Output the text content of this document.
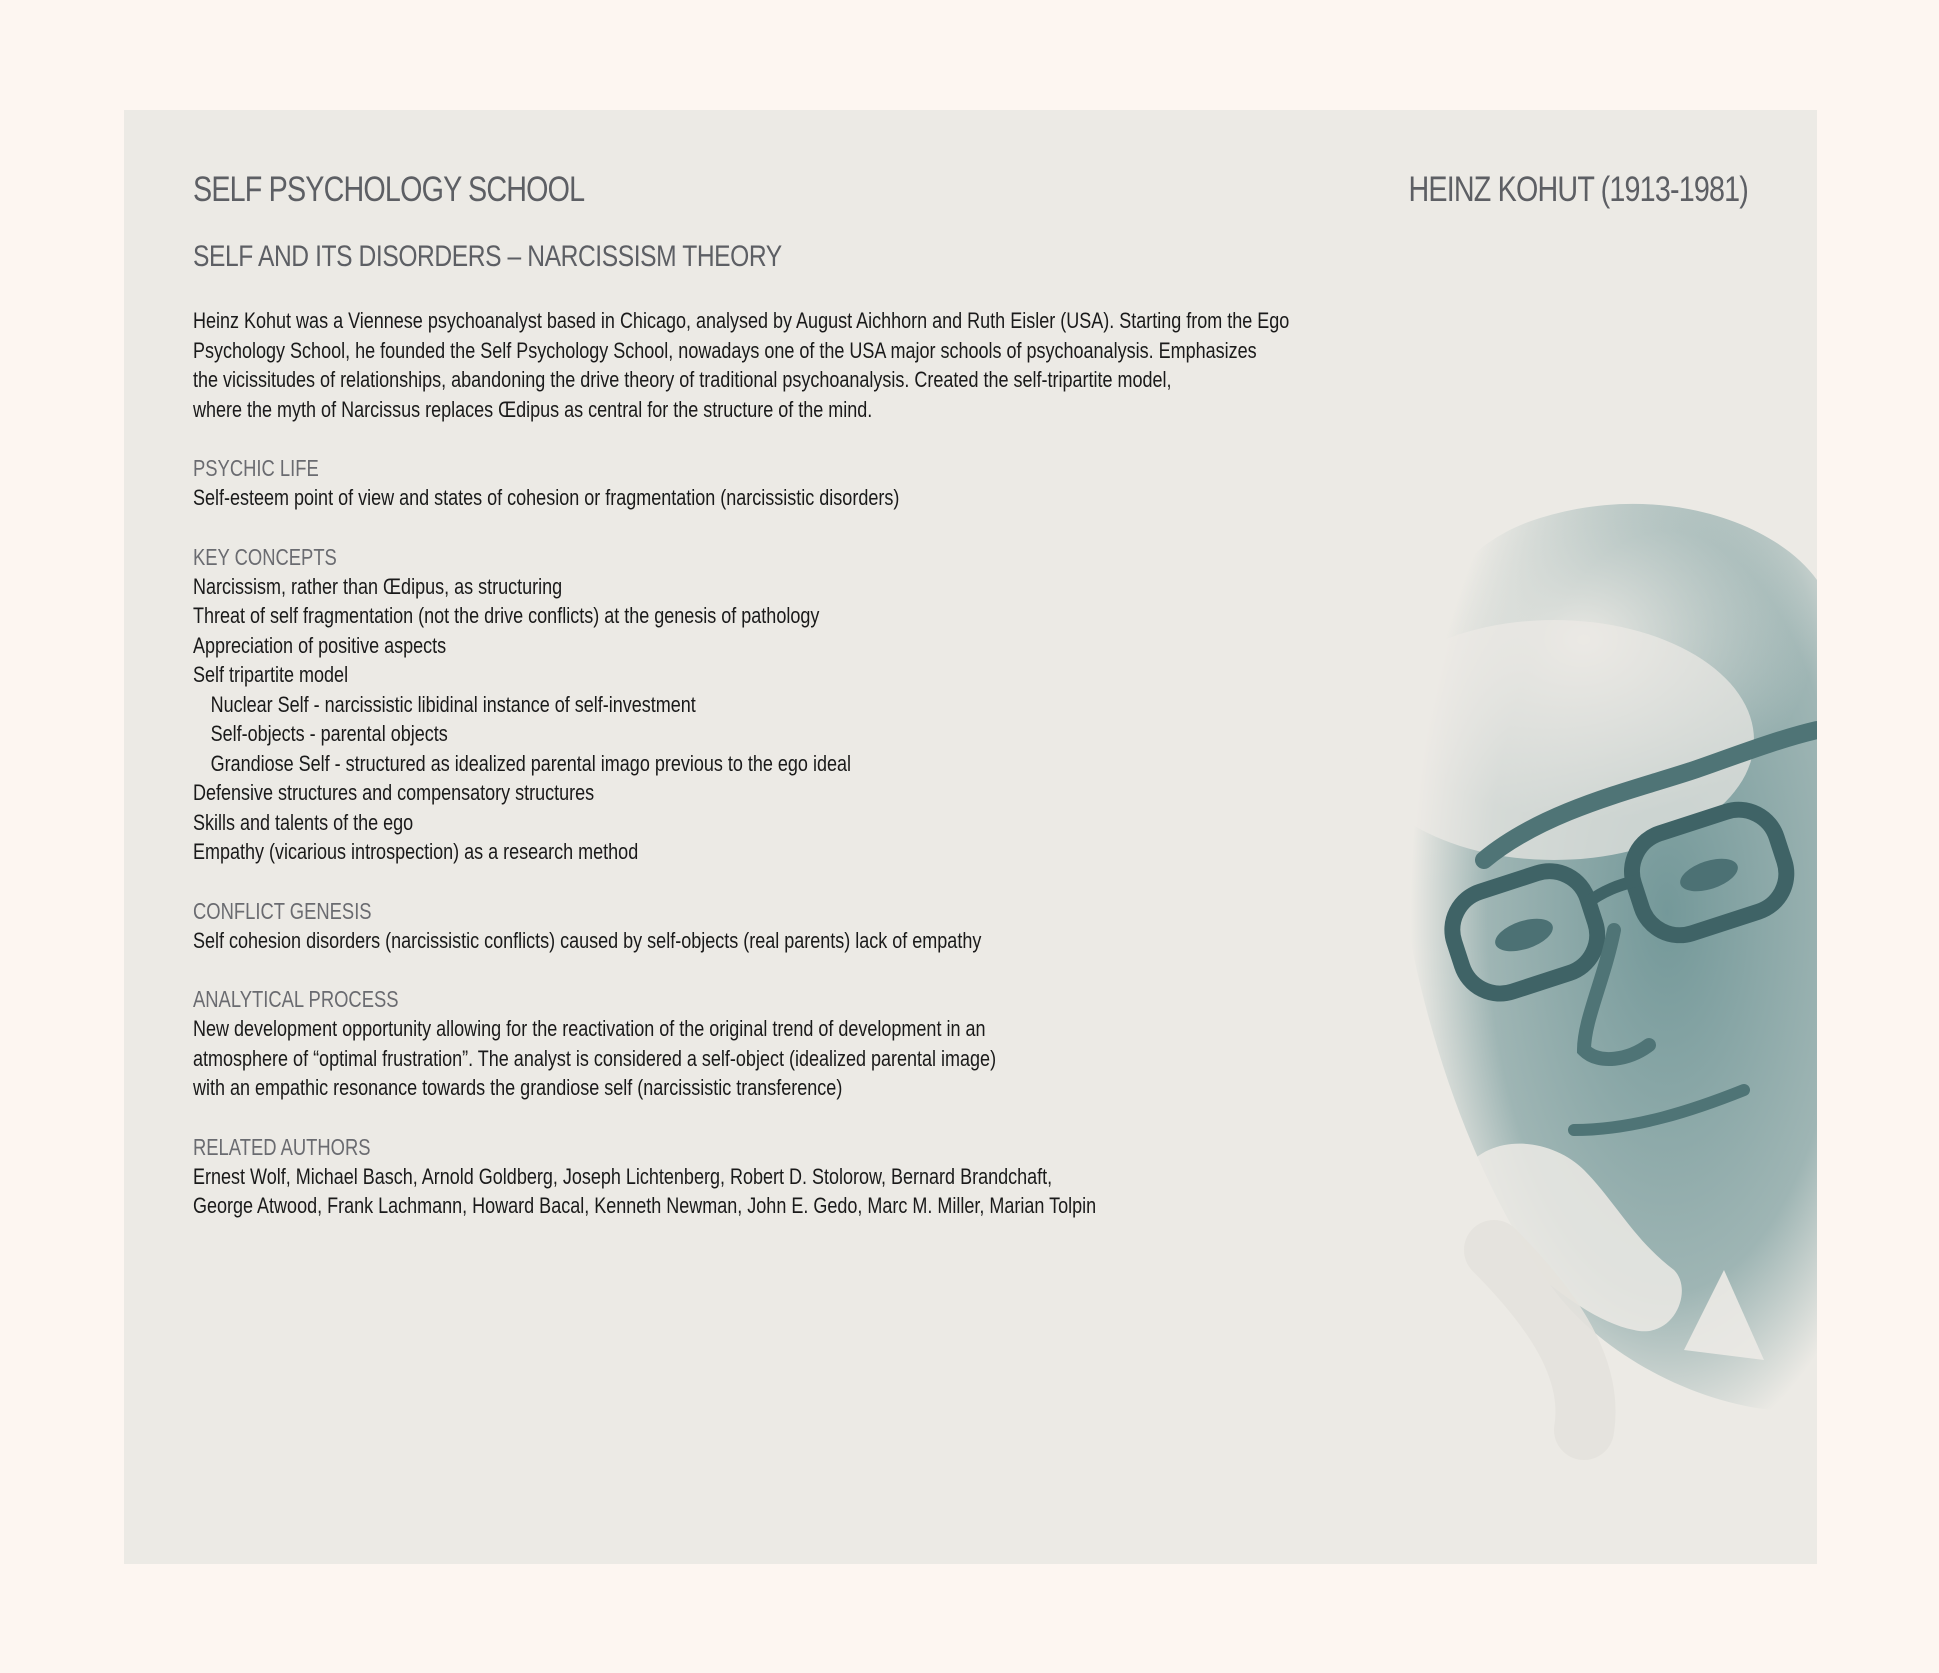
SELF PSYCHOLOGY SCHOOL	HEINZ KOHUT (1913-1981)
SELF AND ITS DISORDERS – NARCISSISM THEORY

Heinz Kohut was a Viennese psychoanalyst based in Chicago, analysed by August Aichhorn and Ruth Eisler (USA). Starting from the Ego

Psychology School, he founded the Self Psychology School, nowadays one of the USA major schools of psychoanalysis. Emphasizes

the vicissitudes of relationships, abandoning the drive theory of traditional psychoanalysis. Created the self-tripartite model,

where the myth of Narcissus replaces Œdipus as central for the structure of the mind.

PSYCHIC LIFE
Self-esteem point of view and states of cohesion or fragmentation (narcissistic disorders)
KEY CONCEPTS
Narcissism, rather than Œdipus, as structuring
Threat of self fragmentation (not the drive conflicts) at the genesis of pathology
Appreciation of positive aspects
Self tripartite model
Nuclear Self - narcissistic libidinal instance of self-investment
Self-objects - parental objects
Grandiose Self - structured as idealized parental imago previous to the ego ideal
Defensive structures and compensatory structures
Skills and talents of the ego
Empathy (vicarious introspection) as a research method
CONFLICT GENESIS
Self cohesion disorders (narcissistic conflicts) caused by self-objects (real parents) lack of empathy
ANALYTICAL PROCESS
New development opportunity allowing for the reactivation of the original trend of development in an
atmosphere of “optimal frustration”. The analyst is considered a self-object (idealized parental image)
with an empathic resonance towards the grandiose self (narcissistic transference)
RELATED AUTHORS
Ernest Wolf, Michael Basch, Arnold Goldberg, Joseph Lichtenberg, Robert D. Stolorow, Bernard Brandchaft,
George Atwood, Frank Lachmann, Howard Bacal, Kenneth Newman, John E. Gedo, Marc M. Miller, Marian Tolpin
